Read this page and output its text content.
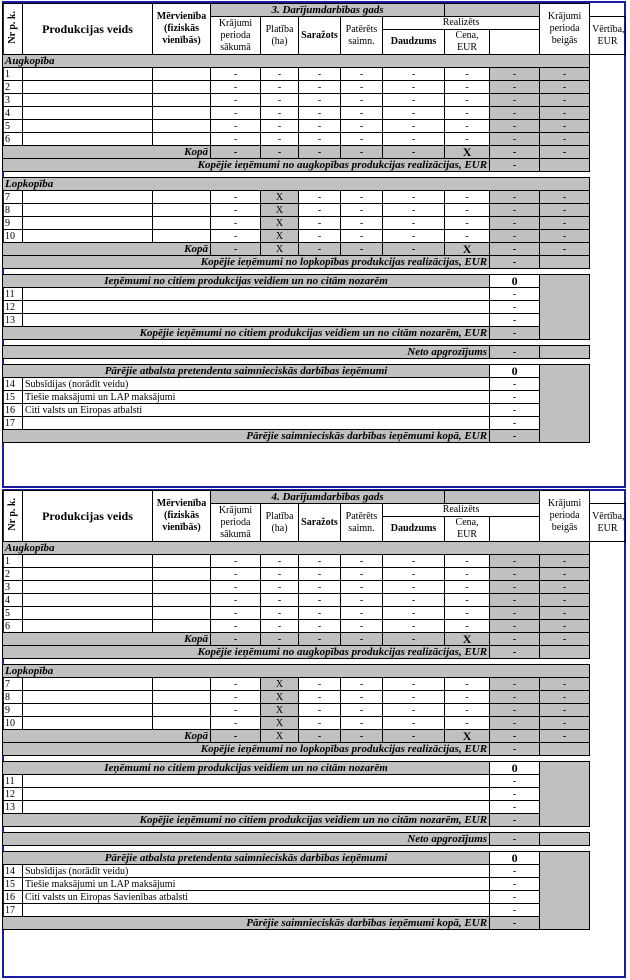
Nr p. k.	Produkcijas veids	Mērvienība (fiziskās vienībās)	3. Darījumdarbības gads							Krājumi perioda beigās	
			Krājumi perioda sākumā	Platība (ha)	Saražots	Patērēts saimn.	Realizēts				Vērtība, EUR
							Daudzums	Cena, EUR			
Augkopība											
1			-	-	-	-	-	-	-	-	
2			-	-	-	-	-	-	-	-	
3			-	-	-	-	-	-	-	-	
4			-	-	-	-	-	-	-	-	
5			-	-	-	-	-	-	-	-	
6			-	-	-	-	-	-	-	-	
Kopā			-	-	-	-	-	X	-	-	
Kopējie ieņēmumi no augkopības produkcijas realizācijas, EUR									-		

Lopkopība											
7			-	X	-	-	-	-	-	-	
8			-	X	-	-	-	-	-	-	
9			-	X	-	-	-	-	-	-	
10			-	X	-	-	-	-	-	-	
Kopā			-	X	-	-	-	X	-	-	
Kopējie ieņēmumi no lopkopības produkcijas realizācijas, EUR									-		

Ieņēmumi no citiem produkcijas veidiem un no citām nozarēm									0		
11									-		
12									-		
13									-		
Kopējie ieņēmumi no citiem produkcijas veidiem un no citām nozarēm, EUR									-		

Neto apgrozījums									-		

Pārējie atbalsta pretendenta saimnieciskās darbības ieņēmumi									0		
14	Subsīdijas (norādīt veidu)								-		
15	Tiešie maksājumi un LAP maksājumi								-		
16	Citi valsts un Eiropas atbalsti								-		
17									-		
Pārējie saimnieciskās darbības ieņēmumi kopā, EUR									-		

Nr p. k.	Produkcijas veids	Mērvienība (fiziskās vienībās)	4. Darījumdarbības gads							Krājumi perioda beigās	
			Krājumi perioda sākumā	Platība (ha)	Saražots	Patērēts saimn.	Realizēts				Vērtība, EUR
							Daudzums	Cena, EUR			
Augkopība											
1			-	-	-	-	-	-	-	-	
2			-	-	-	-	-	-	-	-	
3			-	-	-	-	-	-	-	-	
4			-	-	-	-	-	-	-	-	
5			-	-	-	-	-	-	-	-	
6			-	-	-	-	-	-	-	-	
Kopā			-	-	-	-	-	X	-	-	
Kopējie ieņēmumi no augkopības produkcijas realizācijas, EUR									-		

Lopkopība											
7			-	X	-	-	-	-	-	-	
8			-	X	-	-	-	-	-	-	
9			-	X	-	-	-	-	-	-	
10			-	X	-	-	-	-	-	-	
Kopā			-	X	-	-	-	X	-	-	
Kopējie ieņēmumi no lopkopības produkcijas realizācijas, EUR									-		

Ieņēmumi no citiem produkcijas veidiem un no citām nozarēm									0		
11									-		
12									-		
13									-		
Kopējie ieņēmumi no citiem produkcijas veidiem un no citām nozarēm, EUR									-		

Neto apgrozījums									-		

Pārējie atbalsta pretendenta saimnieciskās darbības ieņēmumi									0		
14	Subsīdijas (norādīt veidu)								-		
15	Tiešie maksājumi un LAP maksājumi								-		
16	Citi valsts un Eiropas Savienības atbalsti								-		
17									-		
Pārējie saimnieciskās darbības ieņēmumi kopā, EUR									-		
